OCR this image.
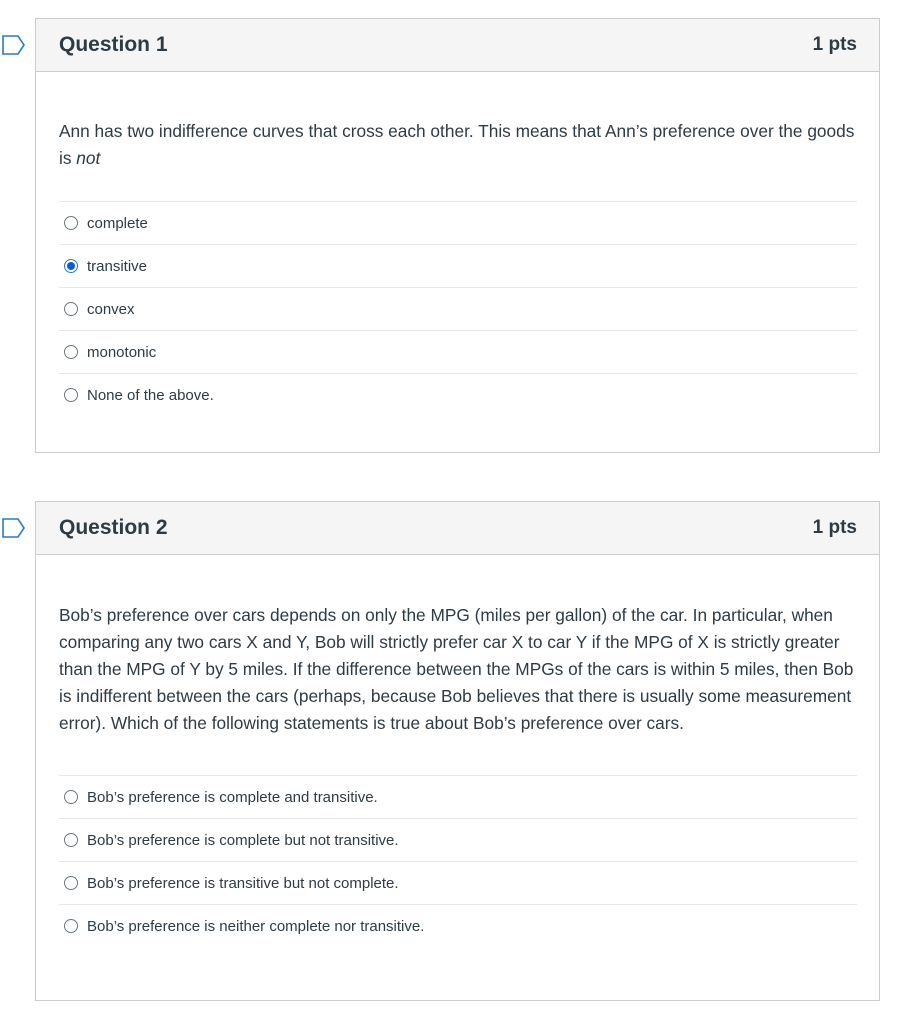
Question 1	1 pts

Ann has two indifference curves that cross each other. This means that Ann’s preference over the goods is not

complete
transitive
convex
monotonic
None of the above.
Question 2	1 pts

Bob’s preference over cars depends on only the MPG (miles per gallon) of the car. In particular, when comparing any two cars X and Y, Bob will strictly prefer car X to car Y if the MPG of X is strictly greater than the MPG of Y by 5 miles. If the difference between the MPGs of the cars is within 5 miles, then Bob is indifferent between the cars (perhaps, because Bob believes that there is usually some measurement error). Which of the following statements is true about Bob’s preference over cars.

Bob’s preference is complete and transitive.
Bob’s preference is complete but not transitive.
Bob’s preference is transitive but not complete.
Bob’s preference is neither complete nor transitive.
